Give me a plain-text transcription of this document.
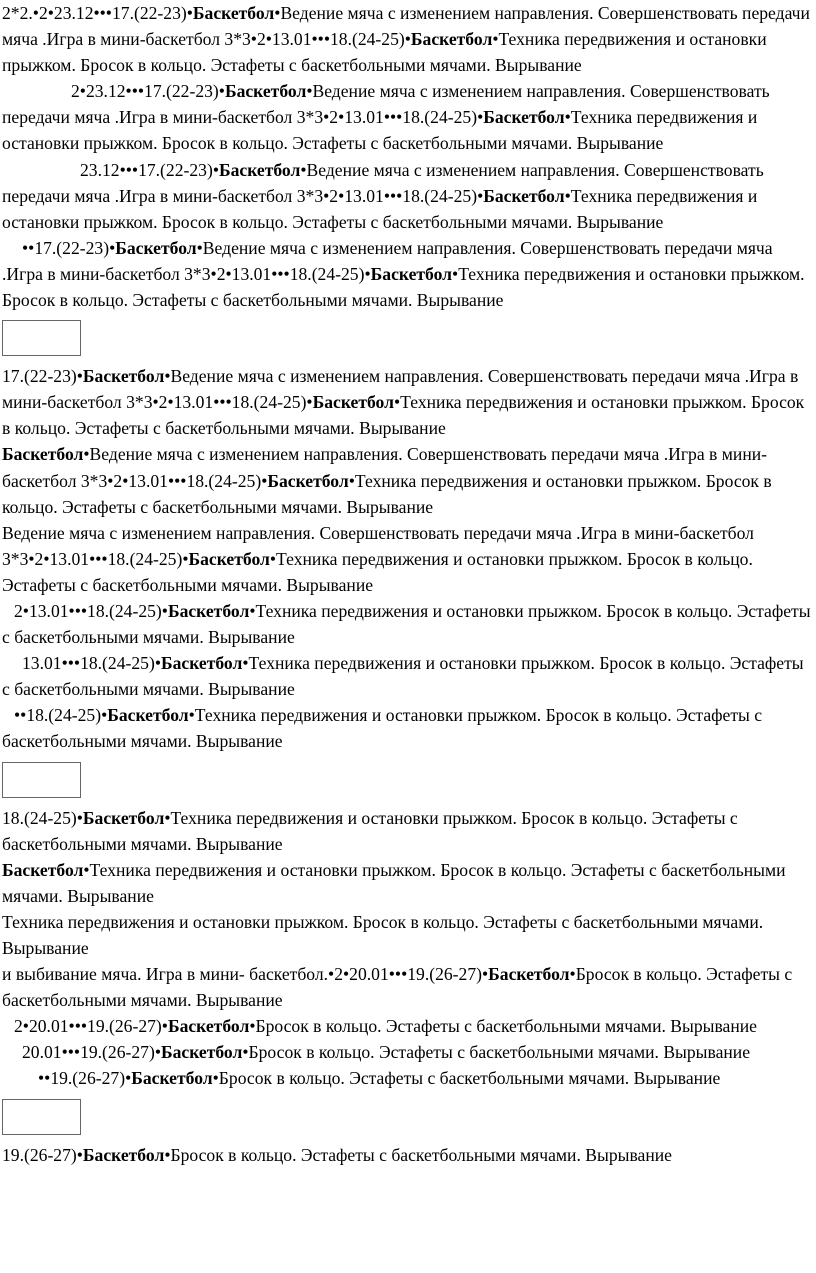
2*2.•2•23.12•••17.(22-23)•Баскетбол•Ведение мяча с изменением направления. Совершенствовать передачи мяча .Игра в мини-баскетбол 3*3•2•13.01•••18.(24-25)•Баскетбол•Техника передвижения и остановки прыжком. Бросок в кольцо. Эстафеты с баскетбольными мячами. Вырывание

2•23.12•••17.(22-23)•Баскетбол•Ведение мяча с изменением направления. Совершенствовать передачи мяча .Игра в мини-баскетбол 3*3•2•13.01•••18.(24-25)•Баскетбол•Техника передвижения и остановки прыжком. Бросок в кольцо. Эстафеты с баскетбольными мячами. Вырывание

23.12•••17.(22-23)•Баскетбол•Ведение мяча с изменением направления. Совершенствовать передачи мяча .Игра в мини-баскетбол 3*3•2•13.01•••18.(24-25)•Баскетбол•Техника передвижения и остановки прыжком. Бросок в кольцо. Эстафеты с баскетбольными мячами. Вырывание

••17.(22-23)•Баскетбол•Ведение мяча с изменением направления. Совершенствовать передачи мяча .Игра в мини-баскетбол 3*3•2•13.01•••18.(24-25)•Баскетбол•Техника передвижения и остановки прыжком. Бросок в кольцо. Эстафеты с баскетбольными мячами. Вырывание

17.(22-23)•Баскетбол•Ведение мяча с изменением направления. Совершенствовать передачи мяча .Игра в мини-баскетбол 3*3•2•13.01•••18.(24-25)•Баскетбол•Техника передвижения и остановки прыжком. Бросок в кольцо. Эстафеты с баскетбольными мячами. Вырывание

Баскетбол•Ведение мяча с изменением направления. Совершенствовать передачи мяча .Игра в мини-баскетбол 3*3•2•13.01•••18.(24-25)•Баскетбол•Техника передвижения и остановки прыжком. Бросок в кольцо. Эстафеты с баскетбольными мячами. Вырывание

Ведение мяча с изменением направления. Совершенствовать передачи мяча .Игра в мини-баскетбол 3*3•2•13.01•••18.(24-25)•Баскетбол•Техника передвижения и остановки прыжком. Бросок в кольцо. Эстафеты с баскетбольными мячами. Вырывание

2•13.01•••18.(24-25)•Баскетбол•Техника передвижения и остановки прыжком. Бросок в кольцо. Эстафеты с баскетбольными мячами. Вырывание

13.01•••18.(24-25)•Баскетбол•Техника передвижения и остановки прыжком. Бросок в кольцо. Эстафеты с баскетбольными мячами. Вырывание

••18.(24-25)•Баскетбол•Техника передвижения и остановки прыжком. Бросок в кольцо. Эстафеты с баскетбольными мячами. Вырывание

18.(24-25)•Баскетбол•Техника передвижения и остановки прыжком. Бросок в кольцо. Эстафеты с баскетбольными мячами. Вырывание

Баскетбол•Техника передвижения и остановки прыжком. Бросок в кольцо. Эстафеты с баскетбольными мячами. Вырывание

Техника передвижения и остановки прыжком. Бросок в кольцо. Эстафеты с баскетбольными мячами. Вырывание

и выбивание мяча. Игра в мини- баскетбол.•2•20.01•••19.(26-27)•Баскетбол•Бросок в кольцо. Эстафеты с баскетбольными мячами. Вырывание

2•20.01•••19.(26-27)•Баскетбол•Бросок в кольцо. Эстафеты с баскетбольными мячами. Вырывание

20.01•••19.(26-27)•Баскетбол•Бросок в кольцо. Эстафеты с баскетбольными мячами. Вырывание

••19.(26-27)•Баскетбол•Бросок в кольцо. Эстафеты с баскетбольными мячами. Вырывание

19.(26-27)•Баскетбол•Бросок в кольцо. Эстафеты с баскетбольными мячами. Вырывание
